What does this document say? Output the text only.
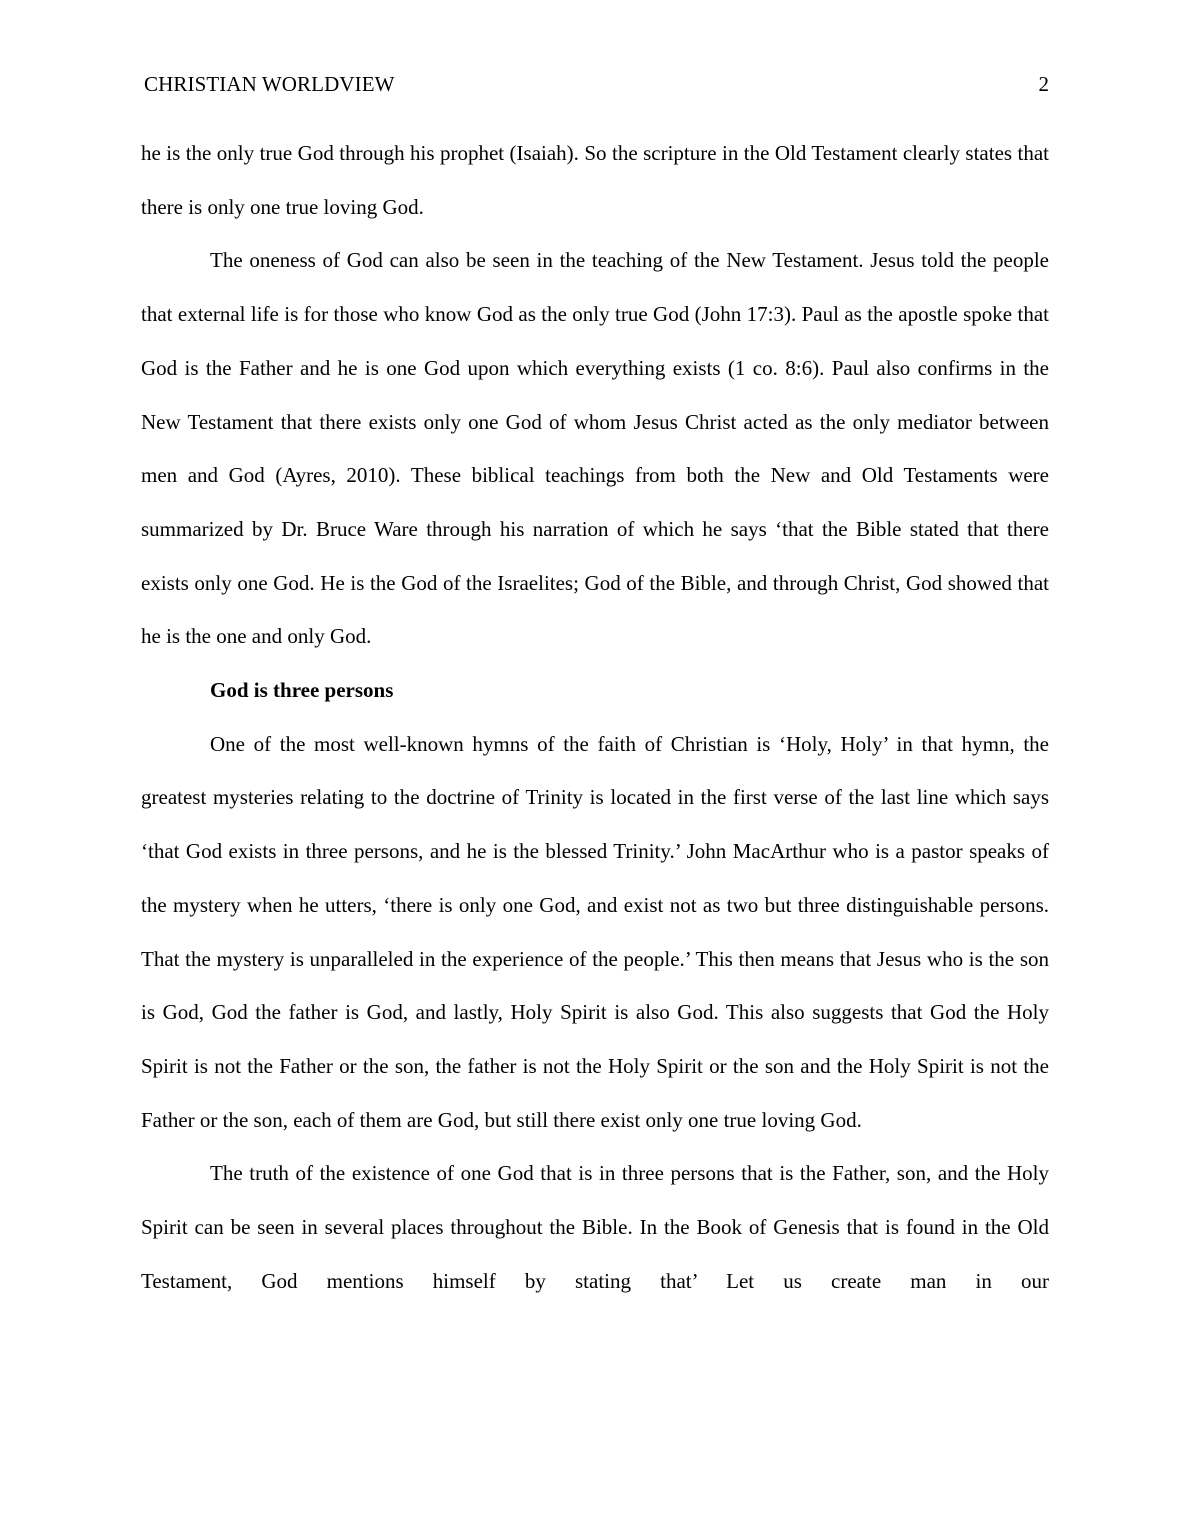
CHRISTIAN WORLDVIEW	2

he is the only true God through his prophet (Isaiah). So the scripture in the Old Testament clearly states that there is only one true loving God.

The oneness of God can also be seen in the teaching of the New Testament. Jesus told the people that external life is for those who know God as the only true God (John 17:3). Paul as the apostle spoke that God is the Father and he is one God upon which everything exists (1 co. 8:6). Paul also confirms in the New Testament that there exists only one God of whom Jesus Christ acted as the only mediator between men and God (Ayres, 2010). These biblical teachings from both the New and Old Testaments were summarized by Dr. Bruce Ware through his narration of which he says ‘that the Bible stated that there exists only one God. He is the God of the Israelites; God of the Bible, and through Christ, God showed that he is the one and only God.

God is three persons

One of the most well-known hymns of the faith of Christian is ‘Holy, Holy’ in that hymn, the greatest mysteries relating to the doctrine of Trinity is located in the first verse of the last line which says ‘that God exists in three persons, and he is the blessed Trinity.’ John MacArthur who is a pastor speaks of the mystery when he utters, ‘there is only one God, and exist not as two but three distinguishable persons. That the mystery is unparalleled in the experience of the people.’ This then means that Jesus who is the son is God, God the father is God, and lastly, Holy Spirit is also God. This also suggests that God the Holy Spirit is not the Father or the son, the father is not the Holy Spirit or the son and the Holy Spirit is not the Father or the son, each of them are God, but still there exist only one true loving God.

The truth of the existence of one God that is in three persons that is the Father, son, and the Holy Spirit can be seen in several places throughout the Bible. In the Book of Genesis that is found in the Old Testament, God mentions himself by stating that’ Let us create man in our
